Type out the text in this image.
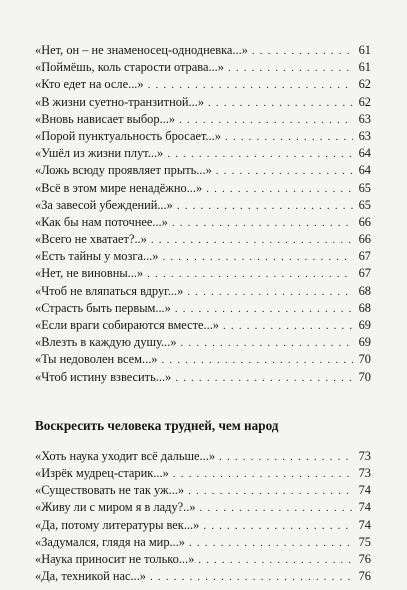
«Нет, он – не знаменосец-однодневка...» . . .	61
«Поймёшь, коль старости отрава...» . . .	61
«Кто едет на осле...» . . .	62
«В жизни суетно-транзитной...» . . .	62
«Вновь нависает выбор...» . . .	63
«Порой пунктуальность бросает...» . . .	63
«Ушёл из жизни плут...» . . .	64
«Ложь всюду проявляет прыть...» . . .	64
«Всё в этом мире ненадёжно...» . . .	65
«За завесой убеждений...» . . .	65
«Как бы нам поточнее...» . . .	66
«Всего не хватает?..» . . .	66
«Есть тайны у мозга...» . . .	67
«Нет, не виновны...» . . .	67
«Чтоб не вляпаться вдруг...» . . .	68
«Страсть быть первым...» . . .	68
«Если враги собираются вместе...» . . .	69
«Влезть в каждую душу...» . . .	69
«Ты недоволен всем...» . . .	70
«Чтоб истину взвесить...» . . .	70
Воскресить человека трудней, чем народ
«Хоть наука уходит всё дальше...» . . .	73
«Изрёк мудрец-старик...» . . .	73
«Существовать не так уж...» . . .	74
«Живу ли с миром я в ладу?..» . . .	74
«Да, потому литературы век...» . . .	74
«Задумался, глядя на мир...» . . .	75
«Наука приносит не только...» . . .	76
«Да, техникой нас...» . . .	76
